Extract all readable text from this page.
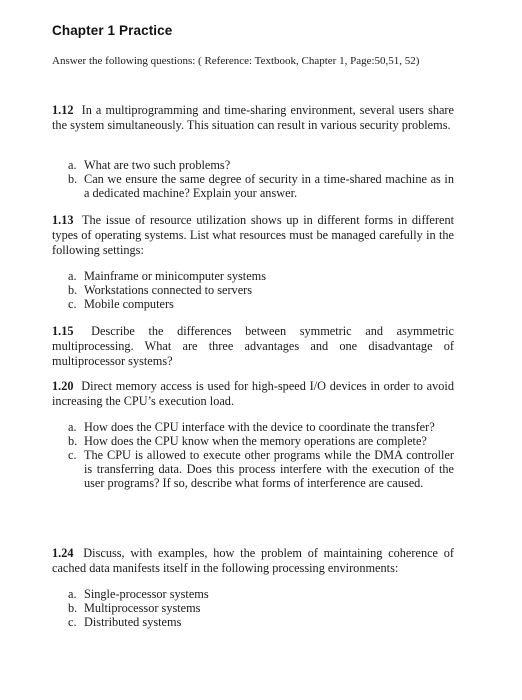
Chapter 1 Practice
Answer the following questions: ( Reference: Textbook, Chapter 1, Page:50,51, 52)
1.12 In a multiprogramming and time-sharing environment, several users share the system simultaneously. This situation can result in various security problems.
a. What are two such problems?
b. Can we ensure the same degree of security in a time-shared machine as in a dedicated machine? Explain your answer.
1.13 The issue of resource utilization shows up in different forms in different types of operating systems. List what resources must be managed carefully in the following settings:
a. Mainframe or minicomputer systems
b. Workstations connected to servers
c. Mobile computers
1.15 Describe the differences between symmetric and asymmetric multiprocessing. What are three advantages and one disadvantage of multiprocessor systems?
1.20 Direct memory access is used for high-speed I/O devices in order to avoid increasing the CPU’s execution load.
a. How does the CPU interface with the device to coordinate the transfer?
b. How does the CPU know when the memory operations are complete?
c. The CPU is allowed to execute other programs while the DMA controller is transferring data. Does this process interfere with the execution of the user programs? If so, describe what forms of interference are caused.
1.24 Discuss, with examples, how the problem of maintaining coherence of cached data manifests itself in the following processing environments:
a. Single-processor systems
b. Multiprocessor systems
c. Distributed systems
